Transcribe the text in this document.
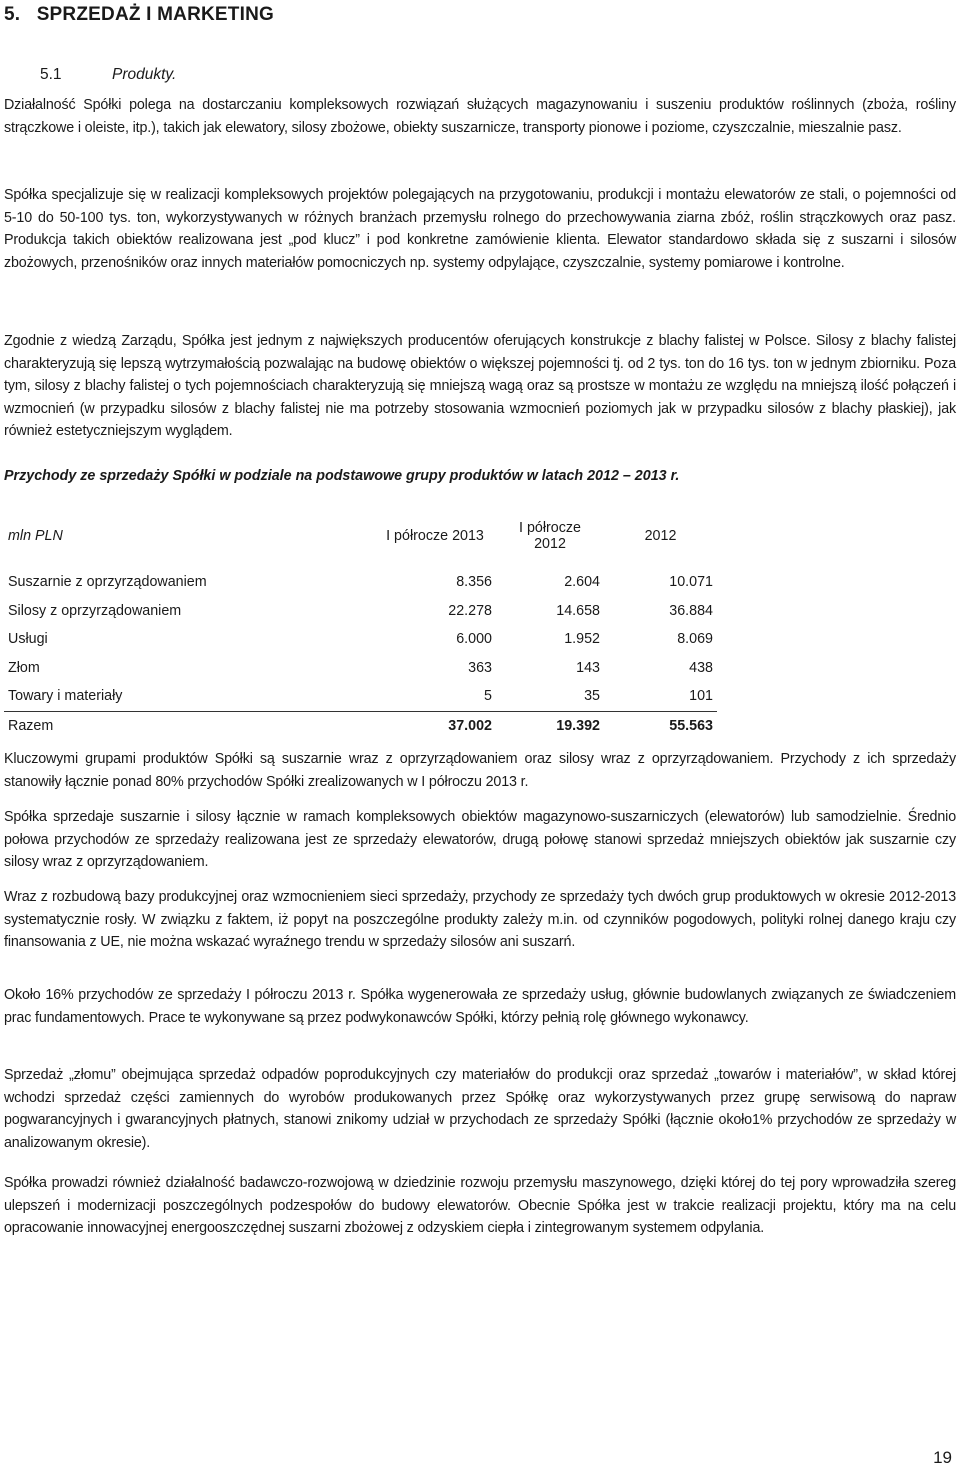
5. SPRZEDAŻ I MARKETING
5.1	Produkty.
Działalność Spółki polega na dostarczaniu kompleksowych rozwiązań służących magazynowaniu i suszeniu produktów roślinnych (zboża, rośliny strączkowe i oleiste, itp.), takich jak elewatory, silosy zbożowe, obiekty suszarnicze, transporty pionowe i poziome, czyszczalnie, mieszalnie pasz.
Spółka specjalizuje się w realizacji kompleksowych projektów polegających na przygotowaniu, produkcji i montażu elewatorów ze stali, o pojemności od 5-10 do 50-100 tys. ton, wykorzystywanych w różnych branżach przemysłu rolnego do przechowywania ziarna zbóż, roślin strączkowych oraz pasz. Produkcja takich obiektów realizowana jest „pod klucz” i pod konkretne zamówienie klienta. Elewator standardowo składa się z suszarni i silosów zbożowych, przenośników oraz innych materiałów pomocniczych np. systemy odpylające, czyszczalnie, systemy pomiarowe i kontrolne.
Zgodnie z wiedzą Zarządu, Spółka jest jednym z największych producentów oferujących konstrukcje z blachy falistej w Polsce. Silosy z blachy falistej charakteryzują się lepszą wytrzymałością pozwalając na budowę obiektów o większej pojemności tj. od 2 tys. ton do 16 tys. ton w jednym zbiorniku. Poza tym, silosy z blachy falistej o tych pojemnościach charakteryzują się mniejszą wagą oraz są prostsze w montażu ze względu na mniejszą ilość połączeń i wzmocnień (w przypadku silosów z blachy falistej nie ma potrzeby stosowania wzmocnień poziomych jak w przypadku silosów z blachy płaskiej), jak również estetyczniejszym wyglądem.
Przychody ze sprzedaży Spółki w podziale na podstawowe grupy produktów w latach 2012 – 2013 r.
mln PLN	I półrocze 2013	I półrocze 2012	2012
Suszarnie z oprzyrządowaniem	8.356	2.604	10.071
Silosy z oprzyrządowaniem	22.278	14.658	36.884
Usługi	6.000	1.952	8.069
Złom	363	143	438
Towary i materiały	5	35	101
Razem	37.002	19.392	55.563
Kluczowymi grupami produktów Spółki są suszarnie wraz z oprzyrządowaniem oraz silosy wraz z oprzyrządowaniem. Przychody z ich sprzedaży stanowiły łącznie ponad 80% przychodów Spółki zrealizowanych w I półroczu 2013 r.
Spółka sprzedaje suszarnie i silosy łącznie w ramach kompleksowych obiektów magazynowo-suszarniczych (elewatorów) lub samodzielnie. Średnio połowa przychodów ze sprzedaży realizowana jest ze sprzedaży elewatorów, drugą połowę stanowi sprzedaż mniejszych obiektów jak suszarnie czy silosy wraz z oprzyrządowaniem.
Wraz z rozbudową bazy produkcyjnej oraz wzmocnieniem sieci sprzedaży, przychody ze sprzedaży tych dwóch grup produktowych w okresie 2012-2013 systematycznie rosły. W związku z faktem, iż popyt na poszczególne produkty zależy m.in. od czynników pogodowych, polityki rolnej danego kraju czy finansowania z UE, nie można wskazać wyraźnego trendu w sprzedaży silosów ani suszarń.
Około 16% przychodów ze sprzedaży I półroczu 2013 r. Spółka wygenerowała ze sprzedaży usług, głównie budowlanych związanych ze świadczeniem prac fundamentowych. Prace te wykonywane są przez podwykonawców Spółki, którzy pełnią rolę głównego wykonawcy.
Sprzedaż „złomu” obejmująca sprzedaż odpadów poprodukcyjnych czy materiałów do produkcji oraz sprzedaż „towarów i materiałów”, w skład której wchodzi sprzedaż części zamiennych do wyrobów produkowanych przez Spółkę oraz wykorzystywanych przez grupę serwisową do napraw pogwarancyjnych i gwarancyjnych płatnych, stanowi znikomy udział w przychodach ze sprzedaży Spółki (łącznie około1% przychodów ze sprzedaży w analizowanym okresie).
Spółka prowadzi również działalność badawczo-rozwojową w dziedzinie rozwoju przemysłu maszynowego, dzięki której do tej pory wprowadziła szereg ulepszeń i modernizacji poszczególnych podzespołów do budowy elewatorów. Obecnie Spółka jest w trakcie realizacji projektu, który ma na celu opracowanie innowacyjnej energooszczędnej suszarni zbożowej z odzyskiem ciepła i zintegrowanym systemem odpylania.
19
